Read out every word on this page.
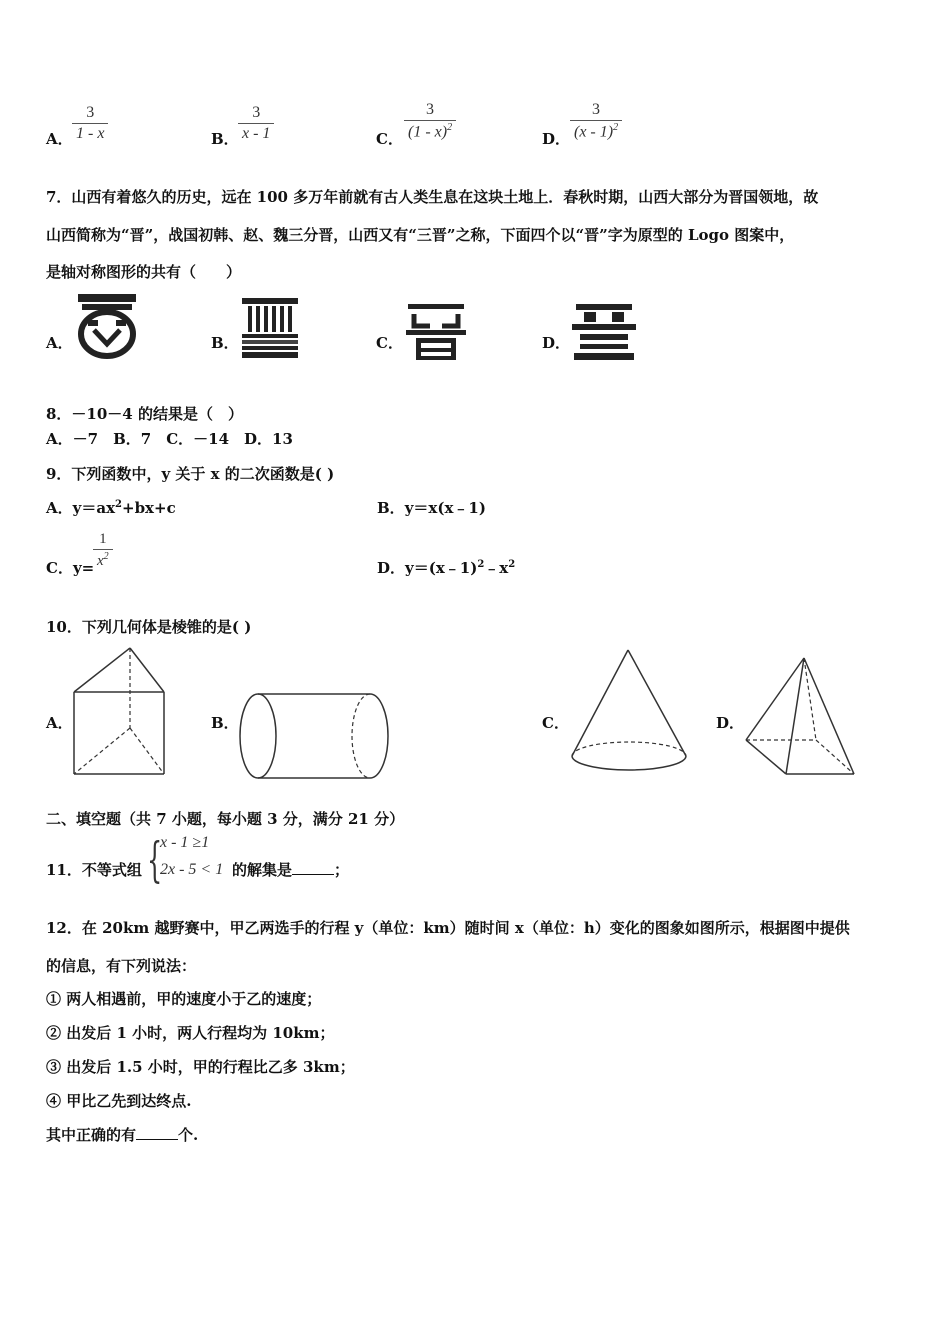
A． $\frac{3}{1 - x}$	B． $\frac{3}{x - 1}$	C． $\frac{3}{(1 - x)^2}$	D． $\frac{3}{(x - 1)^2}$
7．山西有着悠久的历史，远在 100 多万年前就有古人类生息在这块土地上．春秋时期，山西大部分为晋国领地，故
山西简称为“晋”，战国初韩、赵、魏三分晋，山西又有“三晋”之称，下面四个以“晋”字为原型的 Logo 图案中，
是轴对称图形的共有（　　）
A．	B．	C．	D．
8．－10－4 的结果是（　）
A．－7　B．7　C．－14　D．13
9．下列函数中，y 关于 x 的二次函数是( )
A．$y=ax^2+bx+c$	B．y＝x(x﹣1)
C．y=
$\frac{1}{x^2}$	D．$y=(x﹣1)^2﹣x^2$
10．下列几何体是棱锥的是( )
A．	B．	C．	D．
二、填空题（共 7 小题，每小题 3 分，满分 21 分）
11．不等式组 {
x - 1 ≥1
2x - 5 < 1 的解集是	；
12．在 20km 越野赛中，甲乙两选手的行程 y（单位：km）随时间 x（单位：h）变化的图象如图所示，根据图中提供
的信息，有下列说法：
① 两人相遇前，甲的速度小于乙的速度；
② 出发后 1 小时，两人行程均为 10km；
③ 出发后 1.5 小时，甲的行程比乙多 3km；
④ 甲比乙先到达终点.
其中正确的有	个.
